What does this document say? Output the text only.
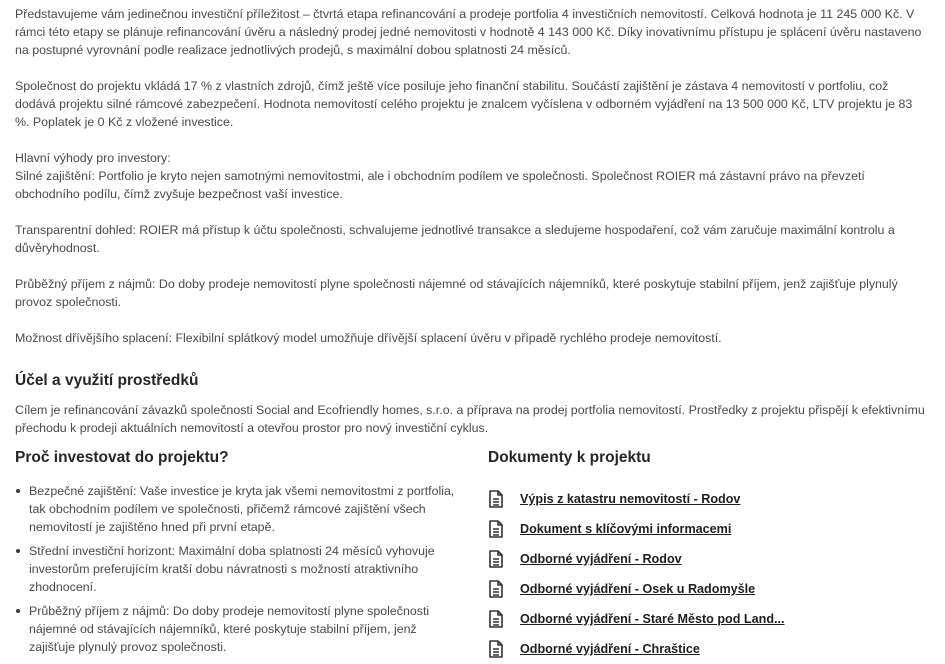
Představujeme vám jedinečnou investiční příležitost – čtvrtá etapa refinancování a prodeje portfolia 4 investičních nemovitostí. Celková hodnota je 11 245 000 Kč. V rámci této etapy se plánuje refinancování úvěru a následný prodej jedné nemovitosti v hodnotě 4 143 000 Kč. Díky inovativnímu přístupu je splácení úvěru nastaveno na postupné vyrovnání podle realizace jednotlivých prodejů, s maximální dobou splatnosti 24 měsíců.

Společnost do projektu vkládá 17 % z vlastních zdrojů, čímž ještě více posiluje jeho finanční stabilitu. Součástí zajištění je zástava 4 nemovitostí v portfoliu, což dodává projektu silné rámcové zabezpečení. Hodnota nemovitostí celého projektu je znalcem vyčíslena v odborném vyjádření na 13 500 000 Kč, LTV projektu je 83 %. Poplatek je 0 Kč z vložené investice.

Hlavní výhody pro investory:

Silné zajištění: Portfolio je kryto nejen samotnými nemovitostmi, ale i obchodním podílem ve společnosti. Společnost ROIER má zástavní právo na převzetí obchodního podílu, čímž zvyšuje bezpečnost vaší investice.

Transparentní dohled: ROIER má přístup k účtu společnosti, schvalujeme jednotlivé transakce a sledujeme hospodaření, což vám zaručuje maximální kontrolu a důvěryhodnost.

Průběžný příjem z nájmů: Do doby prodeje nemovitostí plyne společnosti nájemné od stávajících nájemníků, které poskytuje stabilní příjem, jenž zajišťuje plynulý provoz společnosti.

Možnost dřívějšího splacení: Flexibilní splátkový model umožňuje dřívější splacení úvěru v případě rychlého prodeje nemovitostí.

Účel a využití prostředků

Cílem je refinancování závazků společnosti Social and Ecofriendly homes, s.r.o. a příprava na prodej portfolia nemovitostí. Prostředky z projektu přispějí k efektivnímu přechodu k prodeji aktuálních nemovitostí a otevřou prostor pro nový investiční cyklus.

Proč investovat do projektu?
Bezpečné zajištění: Vaše investice je kryta jak všemi nemovitostmi z portfolia, tak obchodním podílem ve společnosti, přičemž rámcové zajištění všech nemovitostí je zajištěno hned při první etapě.
Střední investiční horizont: Maximální doba splatnosti 24 měsíců vyhovuje investorům preferujícím kratší dobu návratnosti s možností atraktivního zhodnocení.
Průběžný příjem z nájmů: Do doby prodeje nemovitostí plyne společnosti nájemné od stávajících nájemníků, které poskytuje stabilní příjem, jenž zajišťuje plynulý provoz společnosti.
Dokumenty k projektu
Výpis z katastru nemovitostí - Rodov
Dokument s klíčovými informacemi
Odborné vyjádření - Rodov
Odborné vyjádření - Osek u Radomyšle
Odborné vyjádření - Staré Město pod Land...
Odborné vyjádření - Chraštice
